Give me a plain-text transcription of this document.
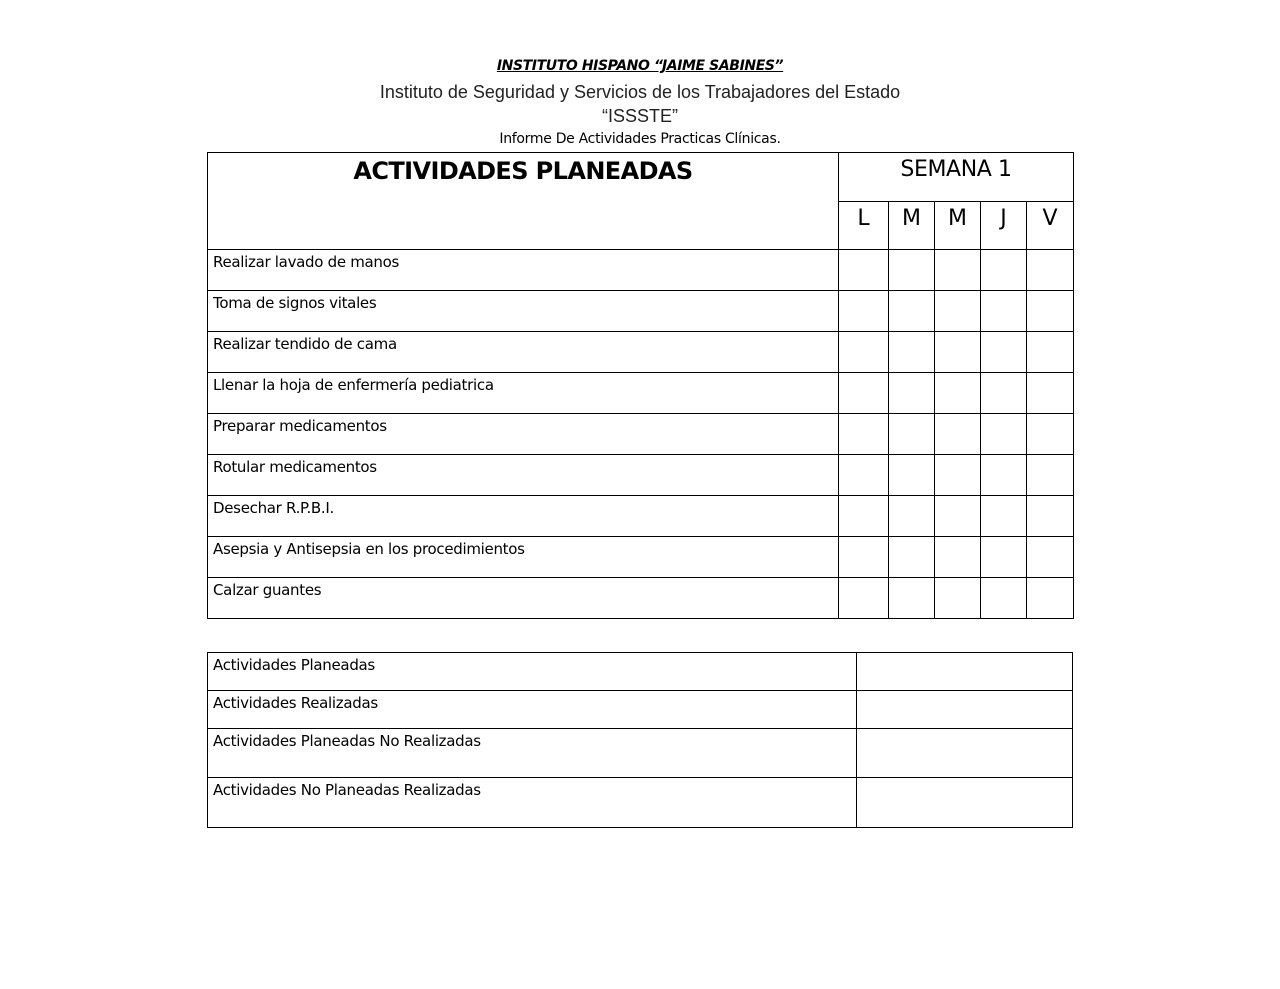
INSTITUTO HISPANO “JAIME SABINES”
Instituto de Seguridad y Servicios de los Trabajadores del Estado
“ISSSTE”
Informe De Actividades Practicas Clínicas.
ACTIVIDADES PLANEADAS	SEMANA 1				

	L	M	M	J	V

Realizar lavado de manos					
Toma de signos vitales					
Realizar tendido de cama					
Llenar la hoja de enfermería pediatrica					
Preparar medicamentos					
Rotular medicamentos					
Desechar R.P.B.I.					
Asepsia y Antisepsia en los procedimientos					
Calzar guantes					
Actividades Planeadas	
Actividades Realizadas	
Actividades Planeadas No Realizadas	
Actividades No Planeadas Realizadas	
